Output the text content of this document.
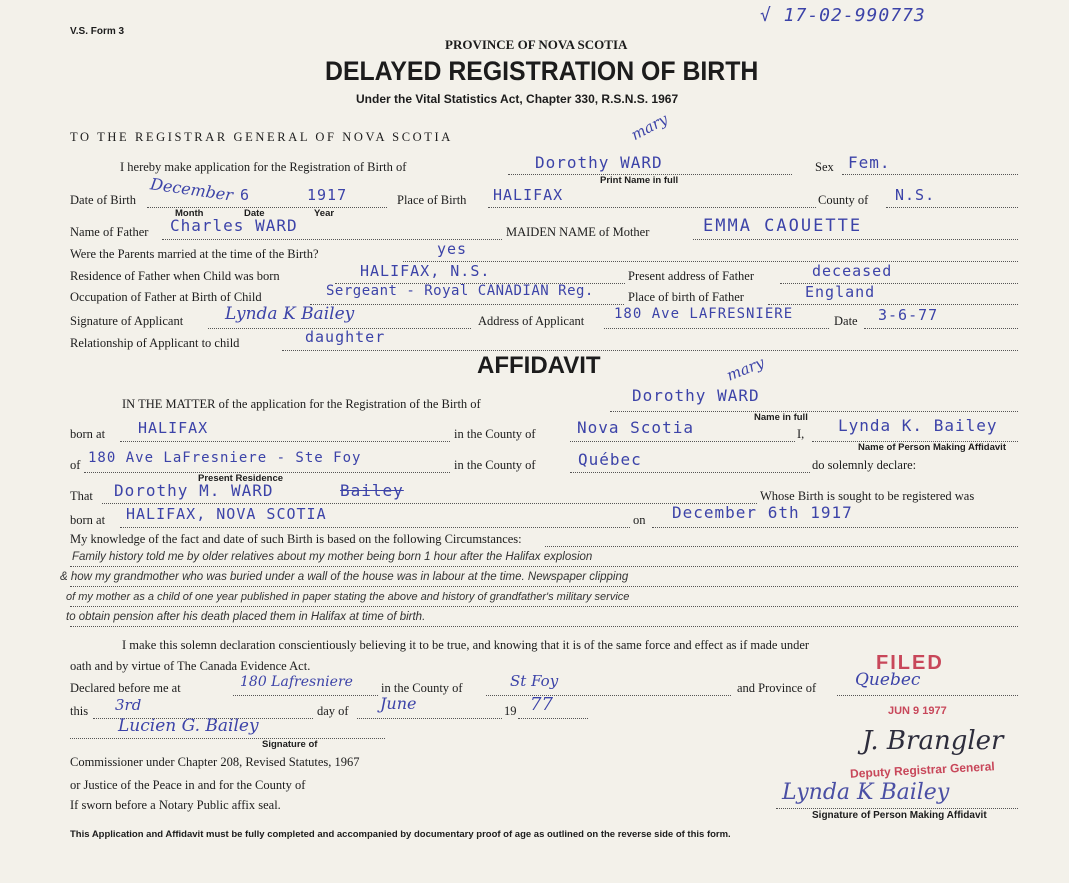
V.S. Form 3
√ 17-02-990773
PROVINCE OF NOVA SCOTIA
DELAYED REGISTRATION OF BIRTH
Under the Vital Statistics Act, Chapter 330, R.S.N.S. 1967
TO THE REGISTRAR GENERAL OF NOVA SCOTIA
I hereby make application for the Registration of Birth of	Dorothy WARD
mary
Sex Fem.
Print Name in full
Date of Birth December 6	1917
Month	Date	Year
Place of Birth HALIFAX	County of N.S.
Name of Father Charles WARD	MAIDEN NAME of Mother	EMMA CAOUETTE
Were the Parents married at the time of the Birth?	yes
Residence of Father when Child was born	HALIFAX, N.S.	Present address of Father	deceased
Occupation of Father at Birth of Child	Sergeant - Royal CANADIAN Reg.	Place of birth of Father	England
Signature of Applicant Lynda K Bailey	Address of Applicant 180 Ave LAFRESNIERE	Date 3-6-77
Relationship of Applicant to child	daughter
AFFIDAVIT
IN THE MATTER of the application for the Registration of the Birth of	Dorothy WARD
mary
Name in full
born at HALIFAX	in the County of	Nova Scotia	I, Lynda K. Bailey
Name of Person Making Affidavit
of 180 Ave LaFresniere - Ste Foy
Present Residence
in the County of	Québec	do solemnly declare:
That Dorothy M. WARD	Bailey	Whose Birth is sought to be registered was
born at HALIFAX, NOVA SCOTIA	on December 6th 1917
My knowledge of the fact and date of such Birth is based on the following Circumstances:
Family history told me by older relatives about my mother being born 1 hour after the Halifax explosion
& how my grandmother who was buried under a wall of the house was in labour at the time. Newspaper clipping
of my mother as a child of one year published in paper stating the above and history of grandfather's military service
to obtain pension after his death placed them in Halifax at time of birth.
I make this solemn declaration conscientiously believing it to be true, and knowing that it is of the same force and effect as if made under
oath and by virtue of The Canada Evidence Act.
Declared before me at	180 Lafresniere in the County of	St Foy	and Province of Quebec
this 3rd	day of June	19 77
Lucien G. Bailey
Signature of
Commissioner under Chapter 208, Revised Statutes, 1967
or Justice of the Peace in and for the County of
If sworn before a Notary Public affix seal.
FILED
JUN 9 1977
Deputy Registrar General
J. Brangler
Lynda K Bailey
Signature of Person Making Affidavit
This Application and Affidavit must be fully completed and accompanied by documentary proof of age as outlined on the reverse side of this form.
